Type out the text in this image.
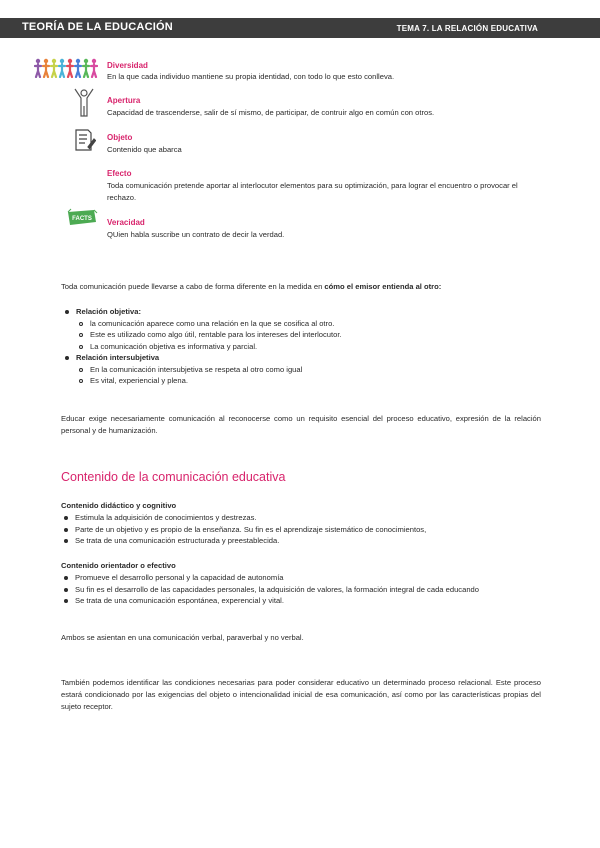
TEORÍA DE LA EDUCACIÓN	TEMA 7. LA RELACIÓN EDUCATIVA
Diversidad
En la que cada individuo mantiene su propia identidad, con todo lo que esto conlleva.
Apertura
Capacidad de trascenderse, salir de sí mismo, de participar, de contruir algo en común con otros.
Objeto
Contenido que abarca
Efecto
Toda comunicación pretende aportar al interlocutor elementos para su optimización, para lograr el encuentro o provocar el rechazo.
FACTS Veracidad
QUien habla suscribe un contrato de decir la verdad.
Toda comunicación puede llevarse a cabo de forma diferente en la medida en cómo el emisor entienda al otro:
Relación objetiva:
la comunicación aparece como una relación en la que se cosifica al otro.
Este es utilizado como algo útil, rentable para los intereses del interlocutor.
La comunicación objetiva es informativa y parcial.
Relación intersubjetiva
En la comunicación intersubjetiva se respeta al otro como igual
Es vital, experiencial y plena.
Educar exige necesariamente comunicación al reconocerse como un requisito esencial del proceso educativo, expresión de la relación personal y de humanización.
Contenido de la comunicación educativa
Contenido didáctico y cognitivo
Estimula la adquisición de conocimientos y destrezas.
Parte de un objetivo y es propio de la enseñanza. Su fin es el aprendizaje sistemático de conocimientos,
Se trata de una comunicación estructurada y preestablecida.
Contenido orientador o efectivo
Promueve el desarrollo personal y la capacidad de autonomía
Su fin es el desarrollo de las capacidades personales, la adquisición de valores, la formación integral de cada educando
Se trata de una comunicación espontánea, experencial y vital.
Ambos se asientan en una comunicación verbal, paraverbal y no verbal.
También podemos identificar las condiciones necesarias para poder considerar educativo un determinado proceso relacional. Este proceso estará condicionado por las exigencias del objeto o intencionalidad inicial de esa comunicación, así como por las características propias del sujeto receptor.
